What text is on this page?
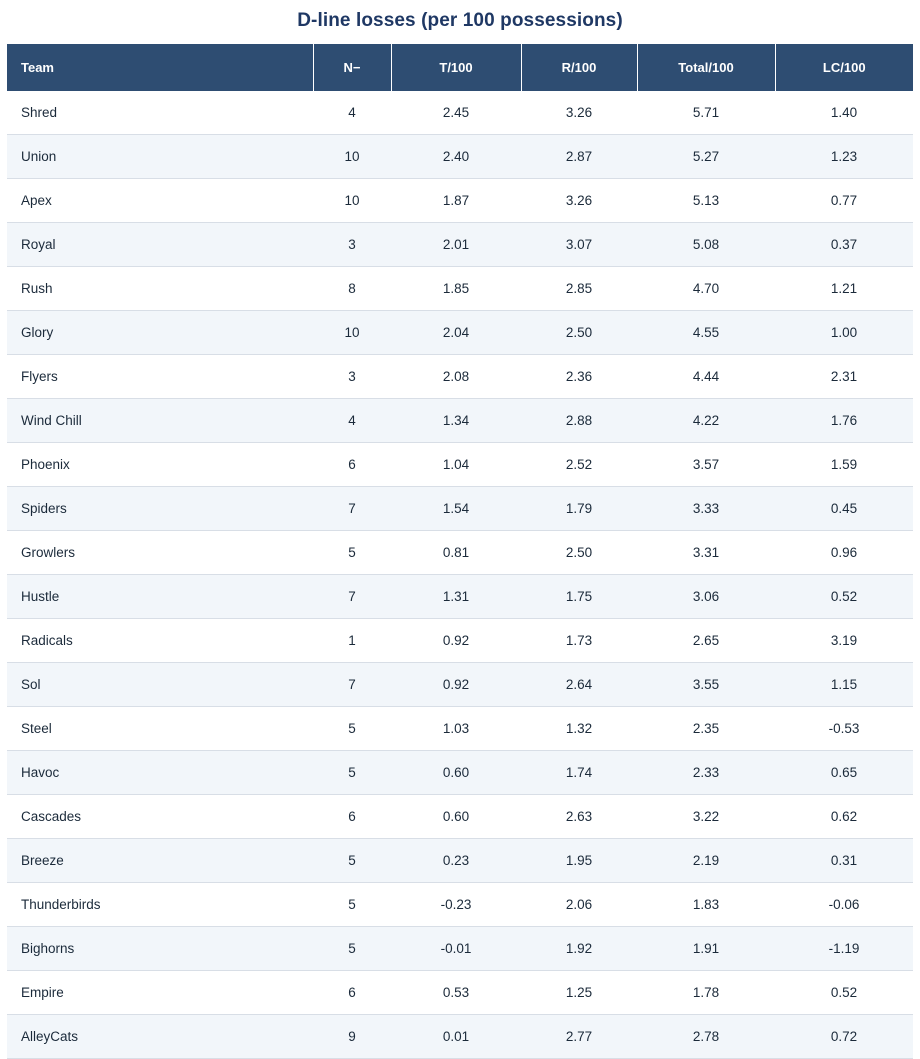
D-line losses (per 100 possessions)
Team	N−	T/100	R/100	Total/100	LC/100
Shred	4	2.45	3.26	5.71	1.40
Union	10	2.40	2.87	5.27	1.23
Apex	10	1.87	3.26	5.13	0.77
Royal	3	2.01	3.07	5.08	0.37
Rush	8	1.85	2.85	4.70	1.21
Glory	10	2.04	2.50	4.55	1.00
Flyers	3	2.08	2.36	4.44	2.31
Wind Chill	4	1.34	2.88	4.22	1.76
Phoenix	6	1.04	2.52	3.57	1.59
Spiders	7	1.54	1.79	3.33	0.45
Growlers	5	0.81	2.50	3.31	0.96
Hustle	7	1.31	1.75	3.06	0.52
Radicals	1	0.92	1.73	2.65	3.19
Sol	7	0.92	2.64	3.55	1.15
Steel	5	1.03	1.32	2.35	-0.53
Havoc	5	0.60	1.74	2.33	0.65
Cascades	6	0.60	2.63	3.22	0.62
Breeze	5	0.23	1.95	2.19	0.31
Thunderbirds	5	-0.23	2.06	1.83	-0.06
Bighorns	5	-0.01	1.92	1.91	-1.19
Empire	6	0.53	1.25	1.78	0.52
AlleyCats	9	0.01	2.77	2.78	0.72
